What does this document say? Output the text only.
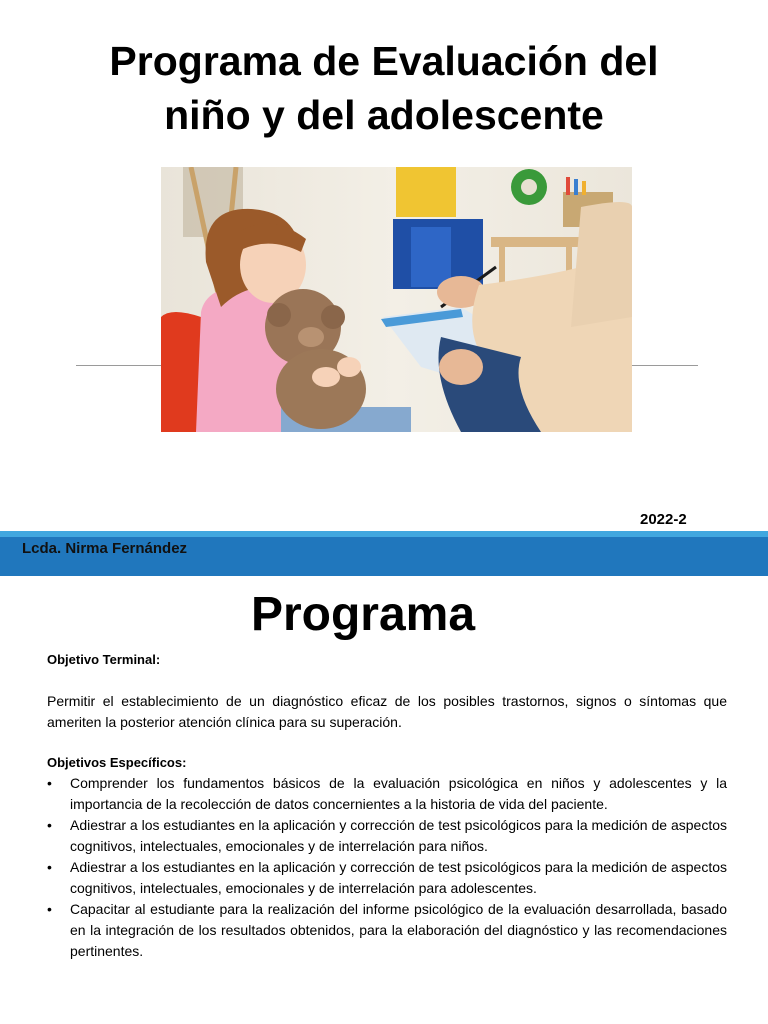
Programa de Evaluación del
niño y del adolescente
2022-2
Lcda. Nirma Fernández
Programa
Objetivo Terminal:

Permitir el establecimiento de un diagnóstico eficaz de los posibles trastornos, signos o síntomas que ameriten la posterior atención clínica para su superación.

Objetivos Específicos:
• Comprender los fundamentos básicos de la evaluación psicológica en niños y adolescentes y la importancia de la recolección de datos concernientes a la historia de vida del paciente.
• Adiestrar a los estudiantes en la aplicación y corrección de test psicológicos para la medición de aspectos cognitivos, intelectuales, emocionales y de interrelación para niños.
• Adiestrar a los estudiantes en la aplicación y corrección de test psicológicos para la medición de aspectos cognitivos, intelectuales, emocionales y de interrelación para adolescentes.
• Capacitar al estudiante para la realización del informe psicológico de la evaluación desarrollada, basado en la integración de los resultados obtenidos, para la elaboración del diagnóstico y las recomendaciones pertinentes.
